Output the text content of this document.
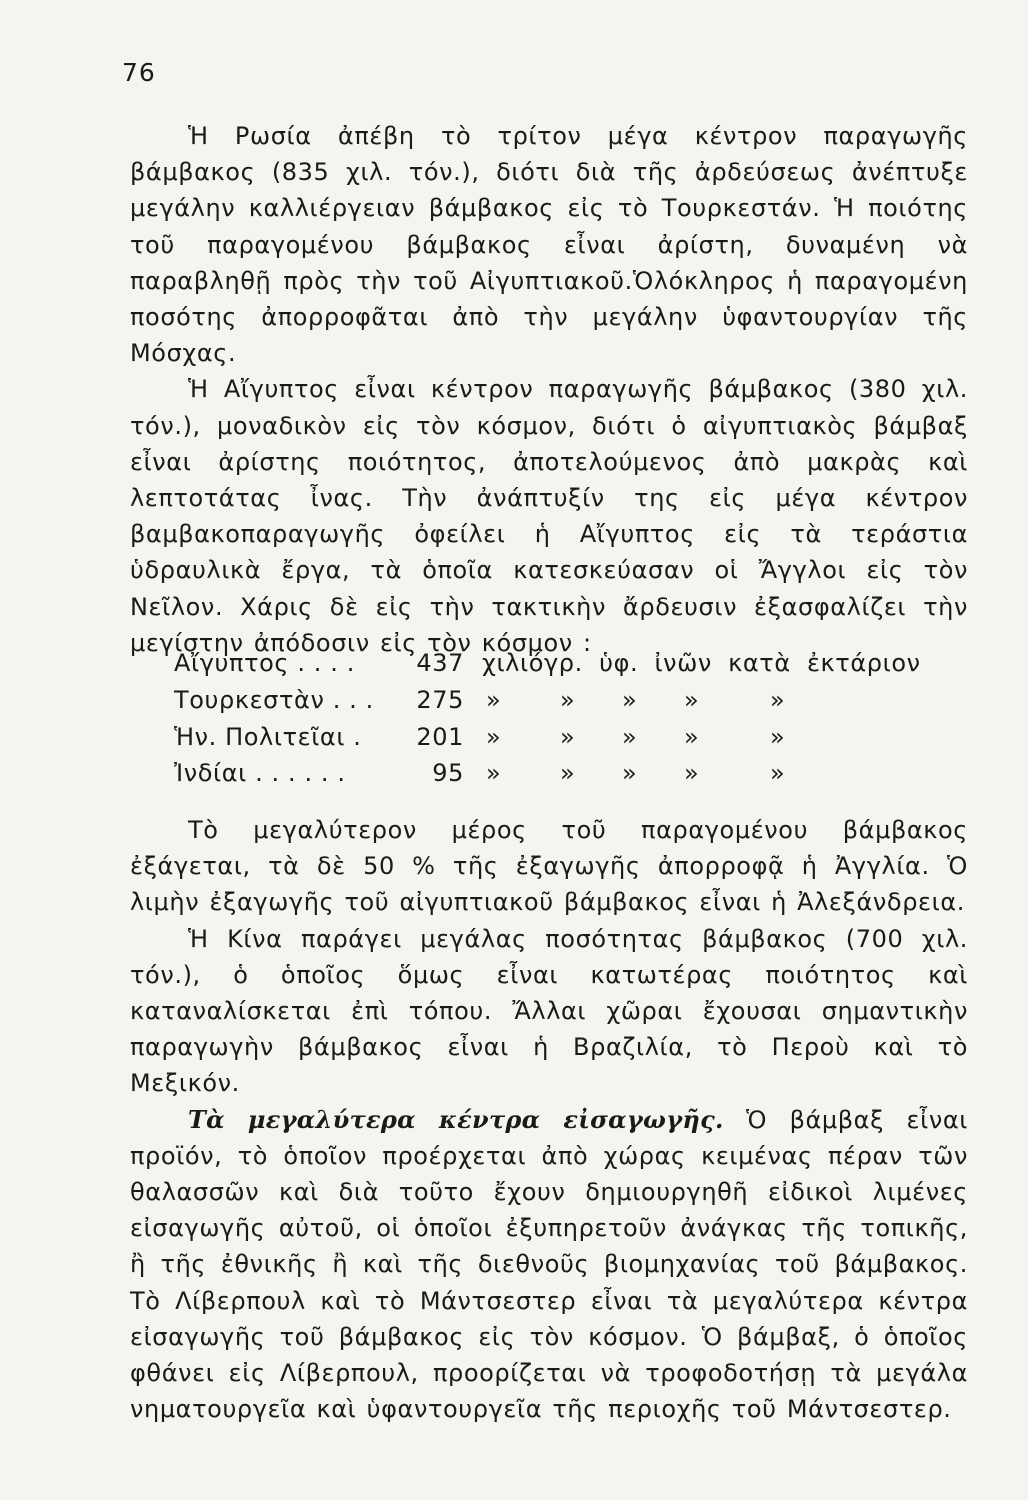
76

Ἡ Ρωσία ἀπέβη τὸ τρίτον μέγα κέντρον παραγωγῆς βάμβακος (835 χιλ. τόν.), διότι διὰ τῆς ἀρδεύσεως ἀνέπτυξε μεγάλην καλλιέργειαν βάμβακος εἰς τὸ Τουρκεστάν. Ἡ ποιότης τοῦ παραγομένου βάμβακος εἶναι ἀρίστη, δυναμένη νὰ παραβληθῇ πρὸς τὴν τοῦ Αἰγυπτιακοῦ.Ὁλόκληρος ἡ παραγομένη ποσότης ἀπορροφᾶται ἀπὸ τὴν μεγάλην ὑφαντουργίαν τῆς Μόσχας.

Ἡ Αἴγυπτος εἶναι κέντρον παραγωγῆς βάμβακος (380 χιλ. τόν.), μοναδικὸν εἰς τὸν κόσμον, διότι ὁ αἰγυπτιακὸς βάμβαξ εἶναι ἀρίστης ποιότητος, ἀποτελούμενος ἀπὸ μακρὰς καὶ λεπτοτάτας ἶνας. Τὴν ἀνάπτυξίν της εἰς μέγα κέντρον βαμβακοπαραγωγῆς ὀφείλει ἡ Αἴγυπτος εἰς τὰ τεράστια ὑδραυλικὰ ἔργα, τὰ ὁποῖα κατεσκεύασαν οἱ Ἄγγλοι εἰς τὸν Νεῖλον. Χάρις δὲ εἰς τὴν τακτικὴν ἄρδευσιν ἐξασφαλίζει τὴν μεγίστην ἀπόδοσιν εἰς τὸν κόσμον :

Αἴγυπτος . . . .	437 χιλιόγρ. ὑφ. ἰνῶν κατὰ ἐκτάριον
Τουρκεστὰν . . .	275 »	»	»	»	»
Ἡν. Πολιτεῖαι .	201 »	»	»	»	»
Ἰνδίαι . . . . . .	95 »	»	»	»	»

Τὸ μεγαλύτερον μέρος τοῦ παραγομένου βάμβακος ἐξάγεται, τὰ δὲ 50 % τῆς ἐξαγωγῆς ἀπορροφᾷ ἡ Ἀγγλία. Ὁ λιμὴν ἐξαγωγῆς τοῦ αἰγυπτιακοῦ βάμβακος εἶναι ἡ Ἀλεξάνδρεια.

Ἡ Κίνα παράγει μεγάλας ποσότητας βάμβακος (700 χιλ. τόν.), ὁ ὁποῖος ὅμως εἶναι κατωτέρας ποιότητος καὶ καταναλίσκεται ἐπὶ τόπου. Ἄλλαι χῶραι ἔχουσαι σημαντικὴν παραγωγὴν βάμβακος εἶναι ἡ Βραζιλία, τὸ Περοὺ καὶ τὸ Μεξικόν.

Τὰ μεγαλύτερα κέντρα εἰσαγωγῆς. Ὁ βάμβαξ εἶναι προϊόν, τὸ ὁποῖον προέρχεται ἀπὸ χώρας κειμένας πέραν τῶν θαλασσῶν καὶ διὰ τοῦτο ἔχουν δημιουργηθῆ εἰδικοὶ λιμένες εἰσαγωγῆς αὐτοῦ, οἱ ὁποῖοι ἐξυπηρετοῦν ἀνάγκας τῆς τοπικῆς, ἢ τῆς ἐθνικῆς ἢ καὶ τῆς διεθνοῦς βιομηχανίας τοῦ βάμβακος. Τὸ Λίβερπουλ καὶ τὸ Μάντσεστερ εἶναι τὰ μεγαλύτερα κέντρα εἰσαγωγῆς τοῦ βάμβακος εἰς τὸν κόσμον. Ὁ βάμβαξ, ὁ ὁποῖος φθάνει εἰς Λίβερπουλ, προορίζεται νὰ τροφοδοτήσῃ τὰ μεγάλα νηματουργεῖα καὶ ὑφαντουργεῖα τῆς περιοχῆς τοῦ Μάντσεστερ.
